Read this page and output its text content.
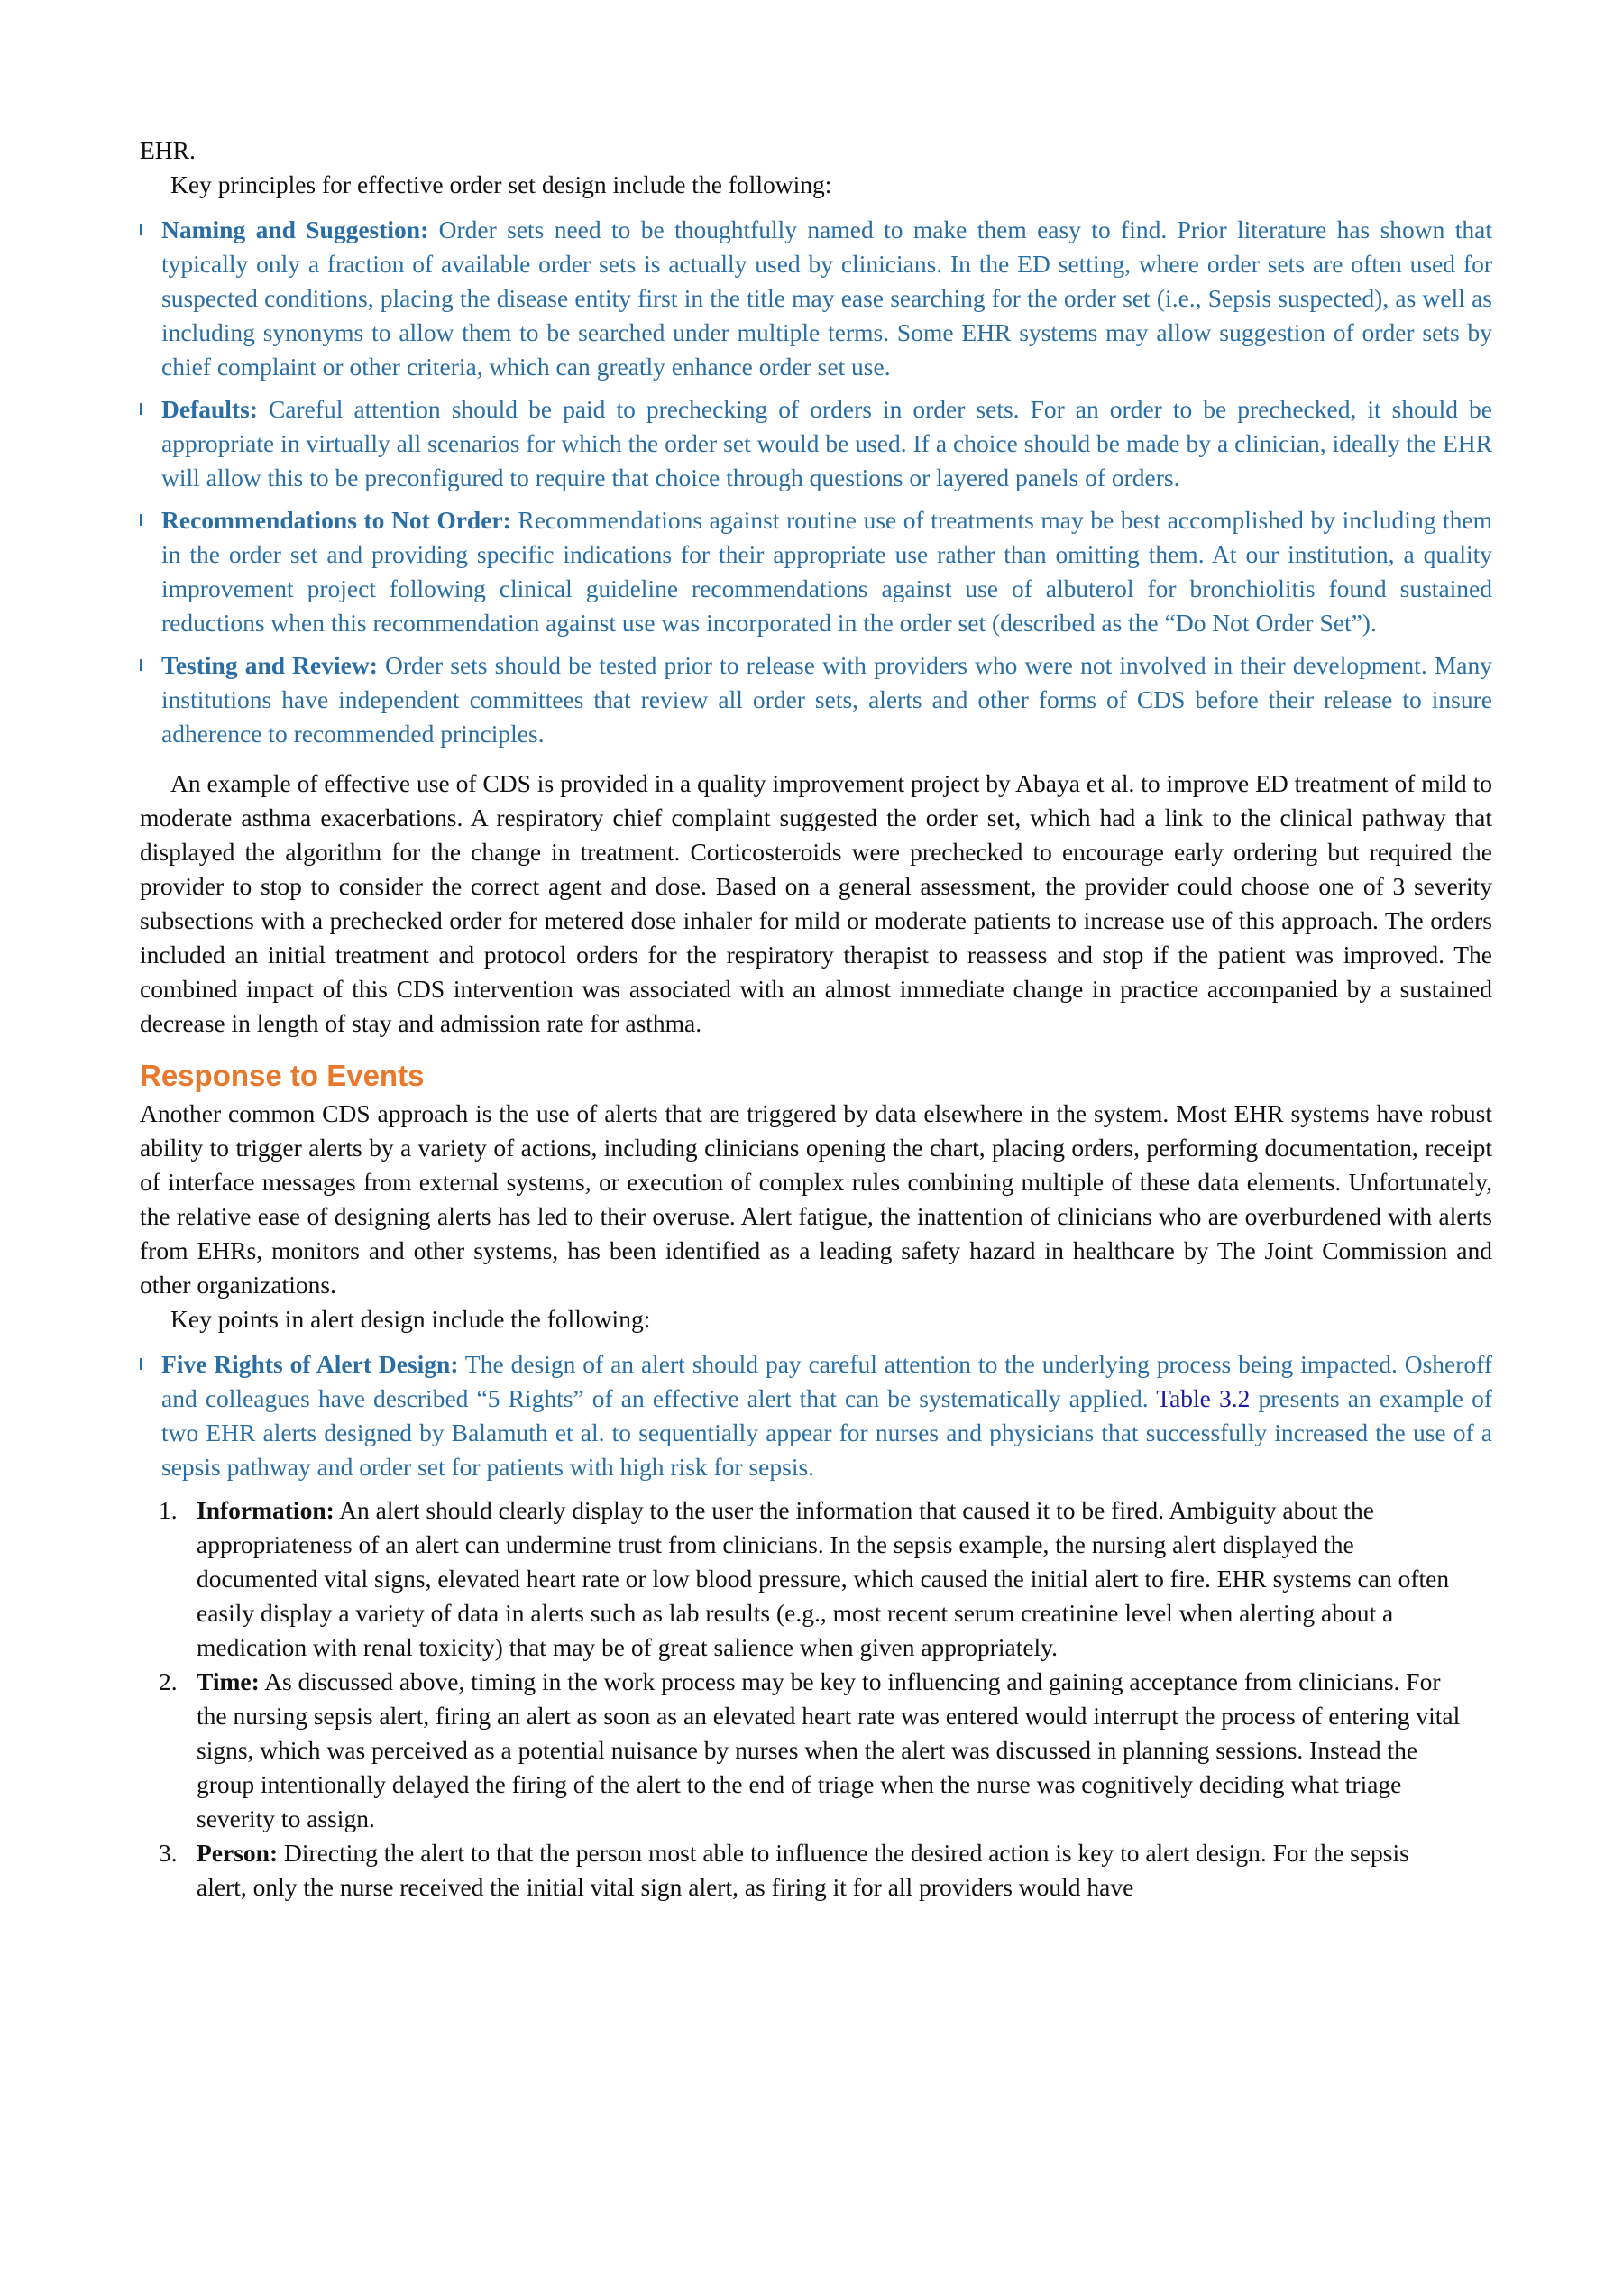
EHR.

Key principles for effective order set design include the following:

Naming and Suggestion: Order sets need to be thoughtfully named to make them easy to find. Prior literature has shown that typically only a fraction of available order sets is actually used by clinicians. In the ED setting, where order sets are often used for suspected conditions, placing the disease entity first in the title may ease searching for the order set (i.e., Sepsis suspected), as well as including synonyms to allow them to be searched under multiple terms. Some EHR systems may allow suggestion of order sets by chief complaint or other criteria, which can greatly enhance order set use.
Defaults: Careful attention should be paid to prechecking of orders in order sets. For an order to be prechecked, it should be appropriate in virtually all scenarios for which the order set would be used. If a choice should be made by a clinician, ideally the EHR will allow this to be preconfigured to require that choice through questions or layered panels of orders.
Recommendations to Not Order: Recommendations against routine use of treatments may be best accomplished by including them in the order set and providing specific indications for their appropriate use rather than omitting them. At our institution, a quality improvement project following clinical guideline recommendations against use of albuterol for bronchiolitis found sustained reductions when this recommendation against use was incorporated in the order set (described as the “Do Not Order Set”).
Testing and Review: Order sets should be tested prior to release with providers who were not involved in their development. Many institutions have independent committees that review all order sets, alerts and other forms of CDS before their release to insure adherence to recommended principles.

An example of effective use of CDS is provided in a quality improvement project by Abaya et al. to improve ED treatment of mild to moderate asthma exacerbations. A respiratory chief complaint suggested the order set, which had a link to the clinical pathway that displayed the algorithm for the change in treatment. Corticosteroids were prechecked to encourage early ordering but required the provider to stop to consider the correct agent and dose. Based on a general assessment, the provider could choose one of 3 severity subsections with a prechecked order for metered dose inhaler for mild or moderate patients to increase use of this approach. The orders included an initial treatment and protocol orders for the respiratory therapist to reassess and stop if the patient was improved. The combined impact of this CDS intervention was associated with an almost immediate change in practice accompanied by a sustained decrease in length of stay and admission rate for asthma.

Response to Events

Another common CDS approach is the use of alerts that are triggered by data elsewhere in the system. Most EHR systems have robust ability to trigger alerts by a variety of actions, including clinicians opening the chart, placing orders, performing documentation, receipt of interface messages from external systems, or execution of complex rules combining multiple of these data elements. Unfortunately, the relative ease of designing alerts has led to their overuse. Alert fatigue, the inattention of clinicians who are overburdened with alerts from EHRs, monitors and other systems, has been identified as a leading safety hazard in healthcare by The Joint Commission and other organizations.

Key points in alert design include the following:

Five Rights of Alert Design: The design of an alert should pay careful attention to the underlying process being impacted. Osheroff and colleagues have described “5 Rights” of an effective alert that can be systematically applied. Table 3.2 presents an example of two EHR alerts designed by Balamuth et al. to sequentially appear for nurses and physicians that successfully increased the use of a sepsis pathway and order set for patients with high risk for sepsis.
1. Information: An alert should clearly display to the user the information that caused it to be fired. Ambiguity about the appropriateness of an alert can undermine trust from clinicians. In the sepsis example, the nursing alert displayed the documented vital signs, elevated heart rate or low blood pressure, which caused the initial alert to fire. EHR systems can often easily display a variety of data in alerts such as lab results (e.g., most recent serum creatinine level when alerting about a medication with renal toxicity) that may be of great salience when given appropriately.
2. Time: As discussed above, timing in the work process may be key to influencing and gaining acceptance from clinicians. For the nursing sepsis alert, firing an alert as soon as an elevated heart rate was entered would interrupt the process of entering vital signs, which was perceived as a potential nuisance by nurses when the alert was discussed in planning sessions. Instead the group intentionally delayed the firing of the alert to the end of triage when the nurse was cognitively deciding what triage severity to assign.
3. Person: Directing the alert to that the person most able to influence the desired action is key to alert design. For the sepsis alert, only the nurse received the initial vital sign alert, as firing it for all providers would have
